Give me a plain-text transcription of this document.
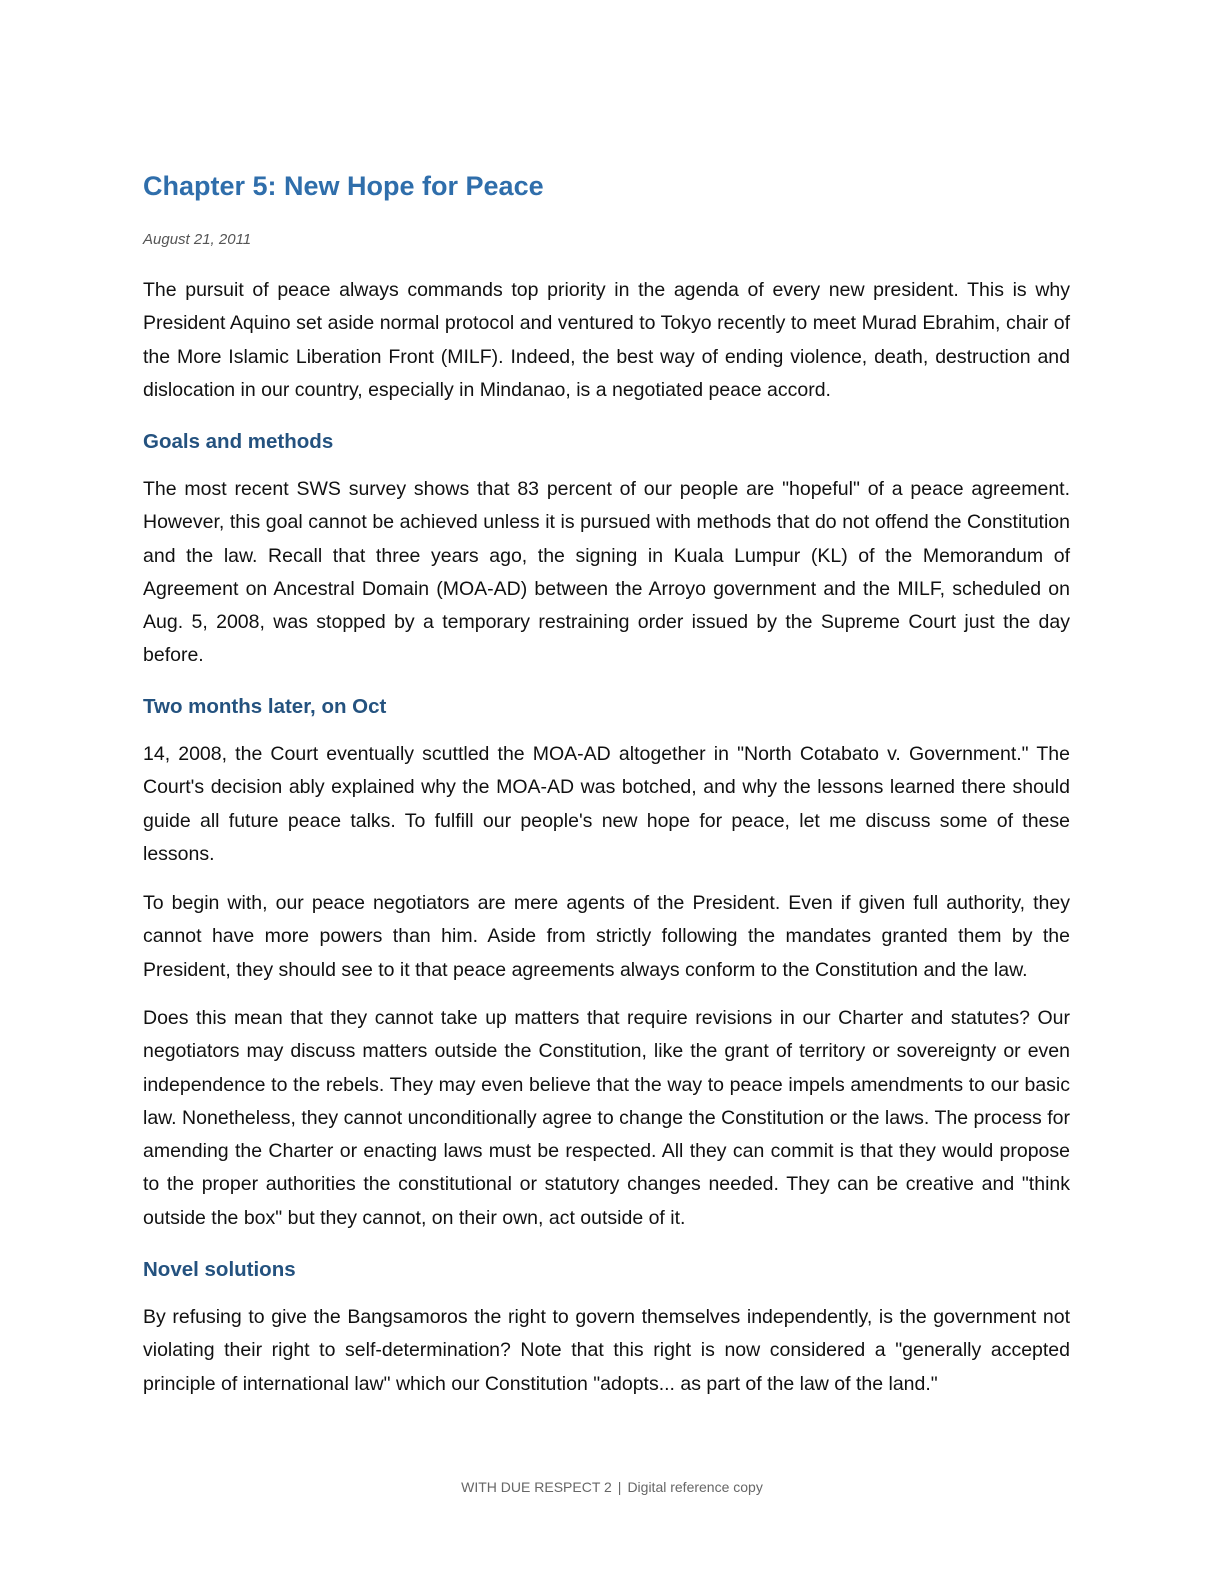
Chapter 5: New Hope for Peace

August 21, 2011

The pursuit of peace always commands top priority in the agenda of every new president. This is why President Aquino set aside normal protocol and ventured to Tokyo recently to meet Murad Ebrahim, chair of the More Islamic Liberation Front (MILF). Indeed, the best way of ending violence, death, destruction and dislocation in our country, especially in Mindanao, is a negotiated peace accord.

Goals and methods

The most recent SWS survey shows that 83 percent of our people are "hopeful" of a peace agreement. However, this goal cannot be achieved unless it is pursued with methods that do not offend the Constitution and the law. Recall that three years ago, the signing in Kuala Lumpur (KL) of the Memorandum of Agreement on Ancestral Domain (MOA-AD) between the Arroyo government and the MILF, scheduled on Aug. 5, 2008, was stopped by a temporary restraining order issued by the Supreme Court just the day before.

Two months later, on Oct

14, 2008, the Court eventually scuttled the MOA-AD altogether in "North Cotabato v. Government." The Court's decision ably explained why the MOA-AD was botched, and why the lessons learned there should guide all future peace talks. To fulfill our people's new hope for peace, let me discuss some of these lessons.

To begin with, our peace negotiators are mere agents of the President. Even if given full authority, they cannot have more powers than him. Aside from strictly following the mandates granted them by the President, they should see to it that peace agreements always conform to the Constitution and the law.

Does this mean that they cannot take up matters that require revisions in our Charter and statutes? Our negotiators may discuss matters outside the Constitution, like the grant of territory or sovereignty or even independence to the rebels. They may even believe that the way to peace impels amendments to our basic law. Nonetheless, they cannot unconditionally agree to change the Constitution or the laws. The process for amending the Charter or enacting laws must be respected. All they can commit is that they would propose to the proper authorities the constitutional or statutory changes needed. They can be creative and "think outside the box" but they cannot, on their own, act outside of it.

Novel solutions

By refusing to give the Bangsamoros the right to govern themselves independently, is the government not violating their right to self-determination? Note that this right is now considered a "generally accepted principle of international law" which our Constitution "adopts... as part of the law of the land."

WITH DUE RESPECT 2 | Digital reference copy
